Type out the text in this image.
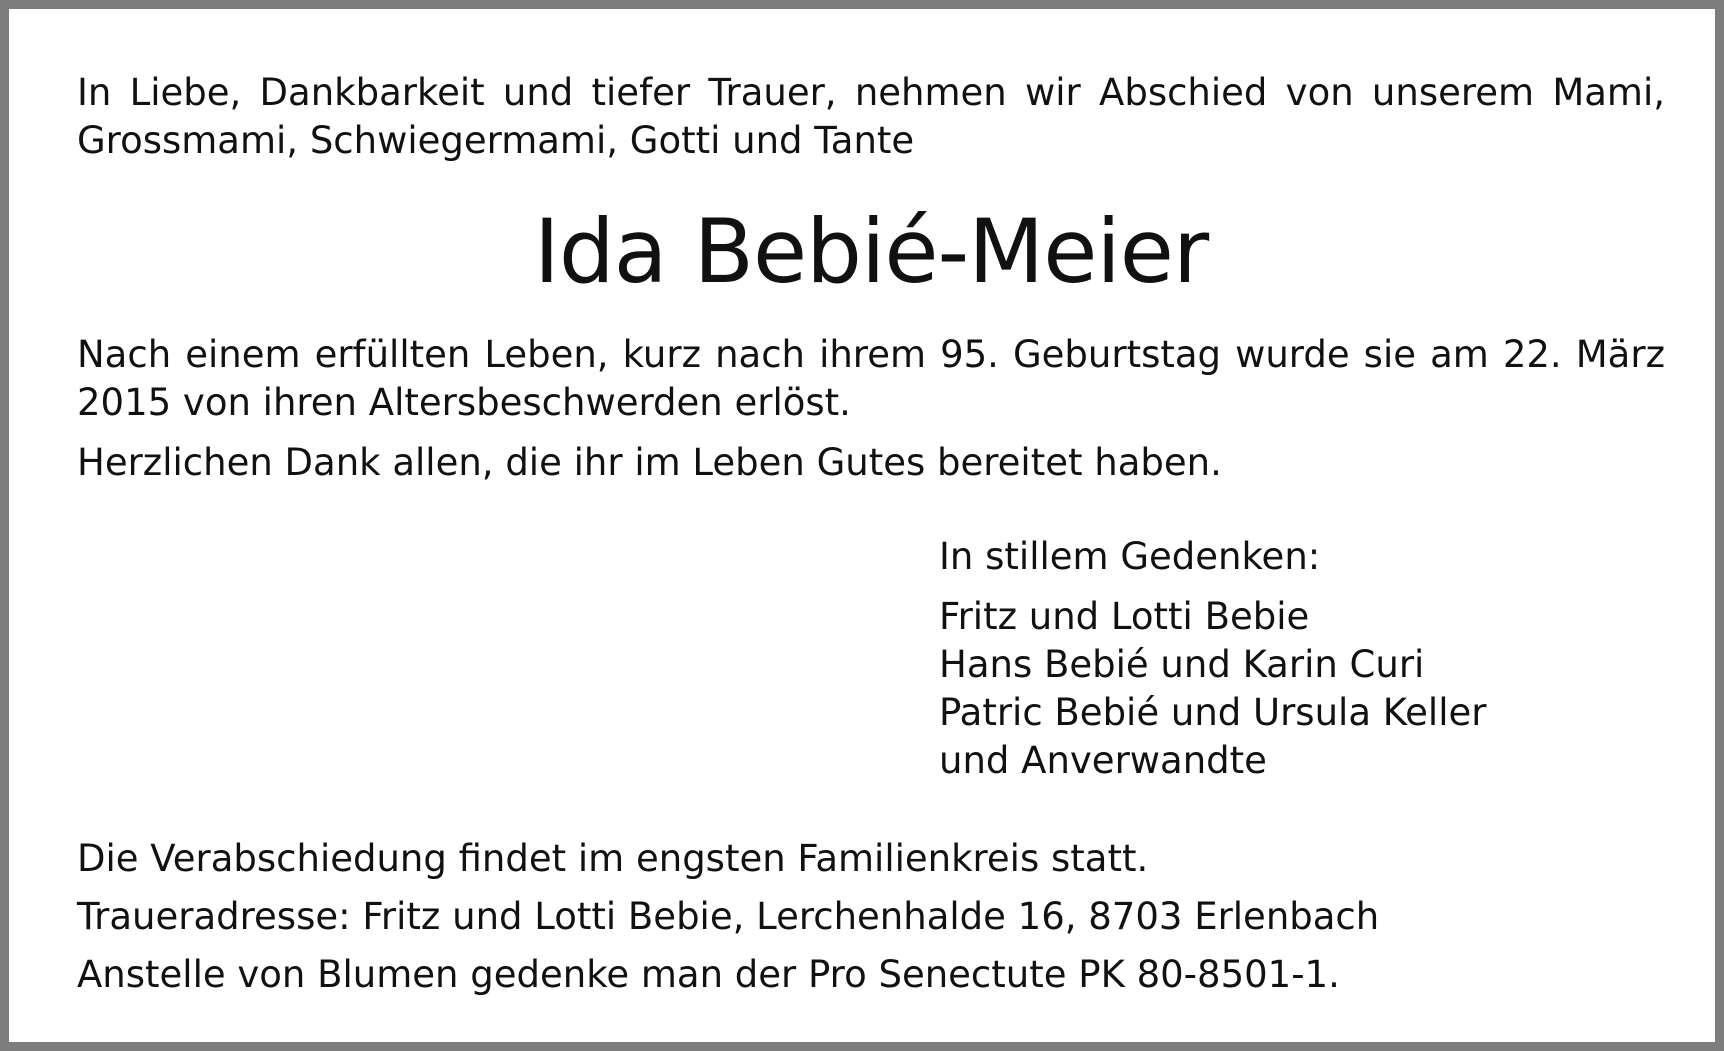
In Liebe, Dankbarkeit und tiefer Trauer, nehmen wir Abschied von unserem Mami, Grossmami, Schwiegermami, Gotti und Tante
Ida Bebié-Meier
Nach einem erfüllten Leben, kurz nach ihrem 95. Geburtstag wurde sie am 22. März 2015 von ihren Altersbeschwerden erlöst.
Herzlichen Dank allen, die ihr im Leben Gutes bereitet haben.
In stillem Gedenken:
Fritz und Lotti Bebie
Hans Bebié und Karin Curi
Patric Bebié und Ursula Keller
und Anverwandte
Die Verabschiedung findet im engsten Familienkreis statt.
Traueradresse: Fritz und Lotti Bebie, Lerchenhalde 16, 8703 Erlenbach
Anstelle von Blumen gedenke man der Pro Senectute PK 80-8501-1.
